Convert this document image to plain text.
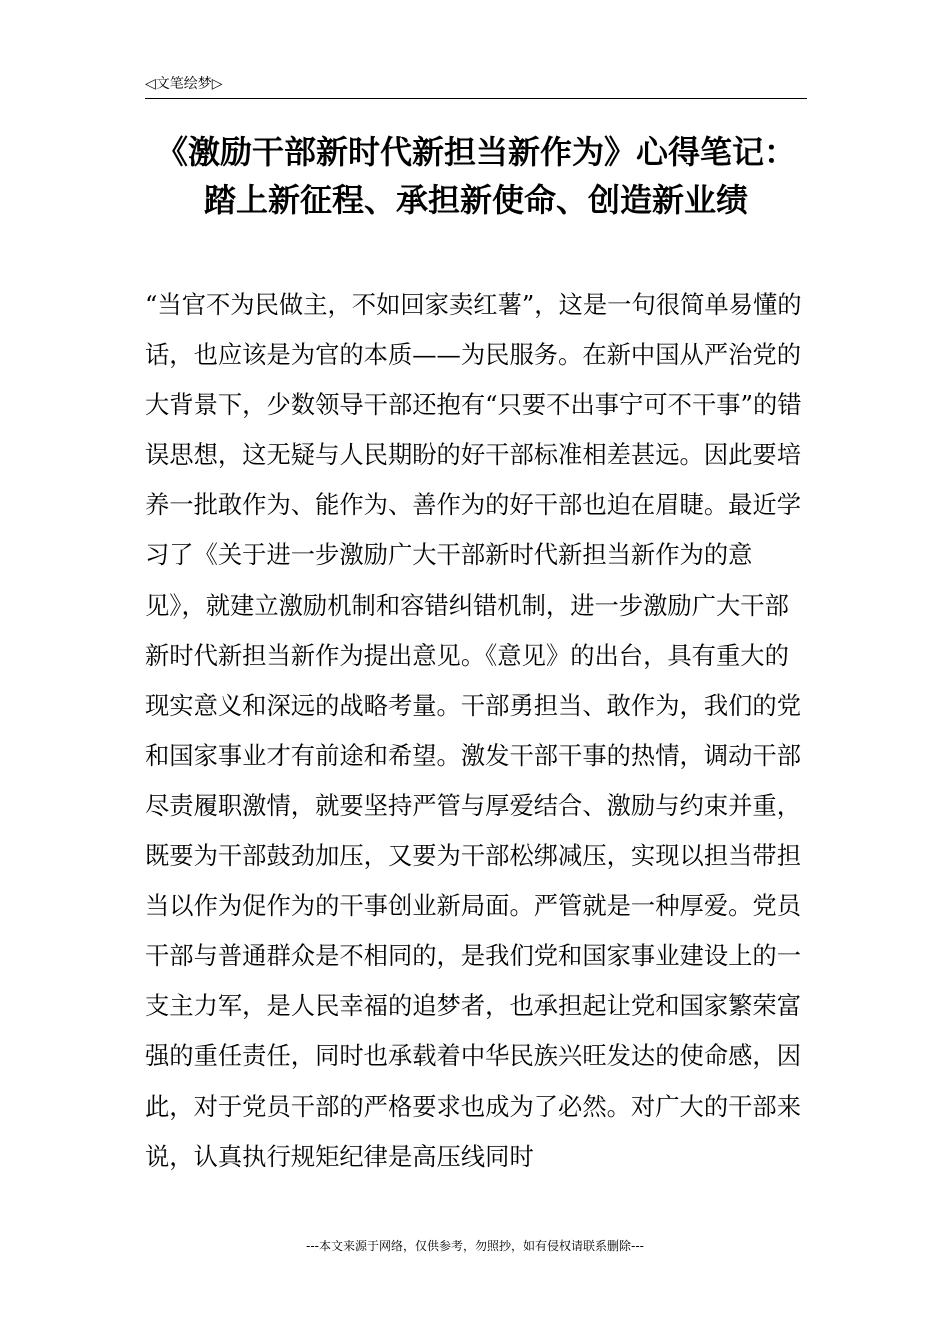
◁文笔绘梦▷
《激励干部新时代新担当新作为》心得笔记：踏上新征程、承担新使命、创造新业绩

“当官不为民做主，不如回家卖红薯”，这是一句很简单易懂的话，也应该是为官的本质——为民服务。在新中国从严治党的大背景下，少数领导干部还抱有“只要不出事宁可不干事”的错误思想，这无疑与人民期盼的好干部标准相差甚远。因此要培养一批敢作为、能作为、善作为的好干部也迫在眉睫。最近学习了《关于进一步激励广大干部新时代新担当新作为的意见》，就建立激励机制和容错纠错机制，进一步激励广大干部新时代新担当新作为提出意见。《意见》的出台，具有重大的现实意义和深远的战略考量。干部勇担当、敢作为，我们的党和国家事业才有前途和希望。激发干部干事的热情，调动干部尽责履职激情，就要坚持严管与厚爱结合、激励与约束并重，既要为干部鼓劲加压，又要为干部松绑减压，实现以担当带担当以作为促作为的干事创业新局面。严管就是一种厚爱。党员干部与普通群众是不相同的，是我们党和国家事业建设上的一支主力军，是人民幸福的追梦者，也承担起让党和国家繁荣富强的重任责任，同时也承载着中华民族兴旺发达的使命感，因此，对于党员干部的严格要求也成为了必然。对广大的干部来说，认真执行规矩纪律是高压线同时

---本文来源于网络，仅供参考，勿照抄，如有侵权请联系删除---
